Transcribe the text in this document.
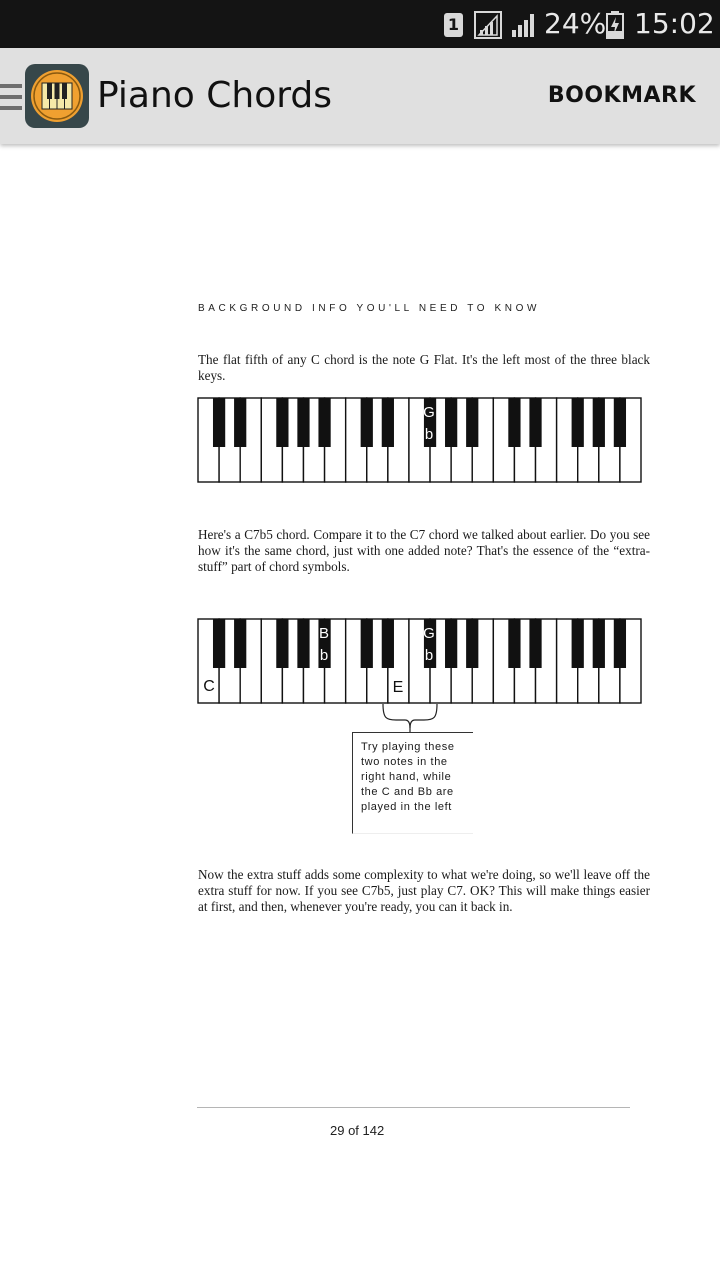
1	24% 15:02
Piano Chords	BOOKMARK
BACKGROUND INFO YOU'LL NEED TO KNOW
The flat fifth of any C chord is the note G Flat. It's the left most of the three black keys.
G
b
Here's a C7b5 chord. Compare it to the C7 chord we talked about earlier. Do you see how it's the same chord, just with one added note? That's the essence of the “extra-stuff” part of chord symbols.
C	E
B
b
G
b
Try playing these two notes in the right hand, while the C and Bb are played in the left
Now the extra stuff adds some complexity to what we're doing, so we'll leave off the extra stuff for now. If you see C7b5, just play C7. OK? This will make things easier at first, and then, whenever you're ready, you can it back in.
29 of 142
